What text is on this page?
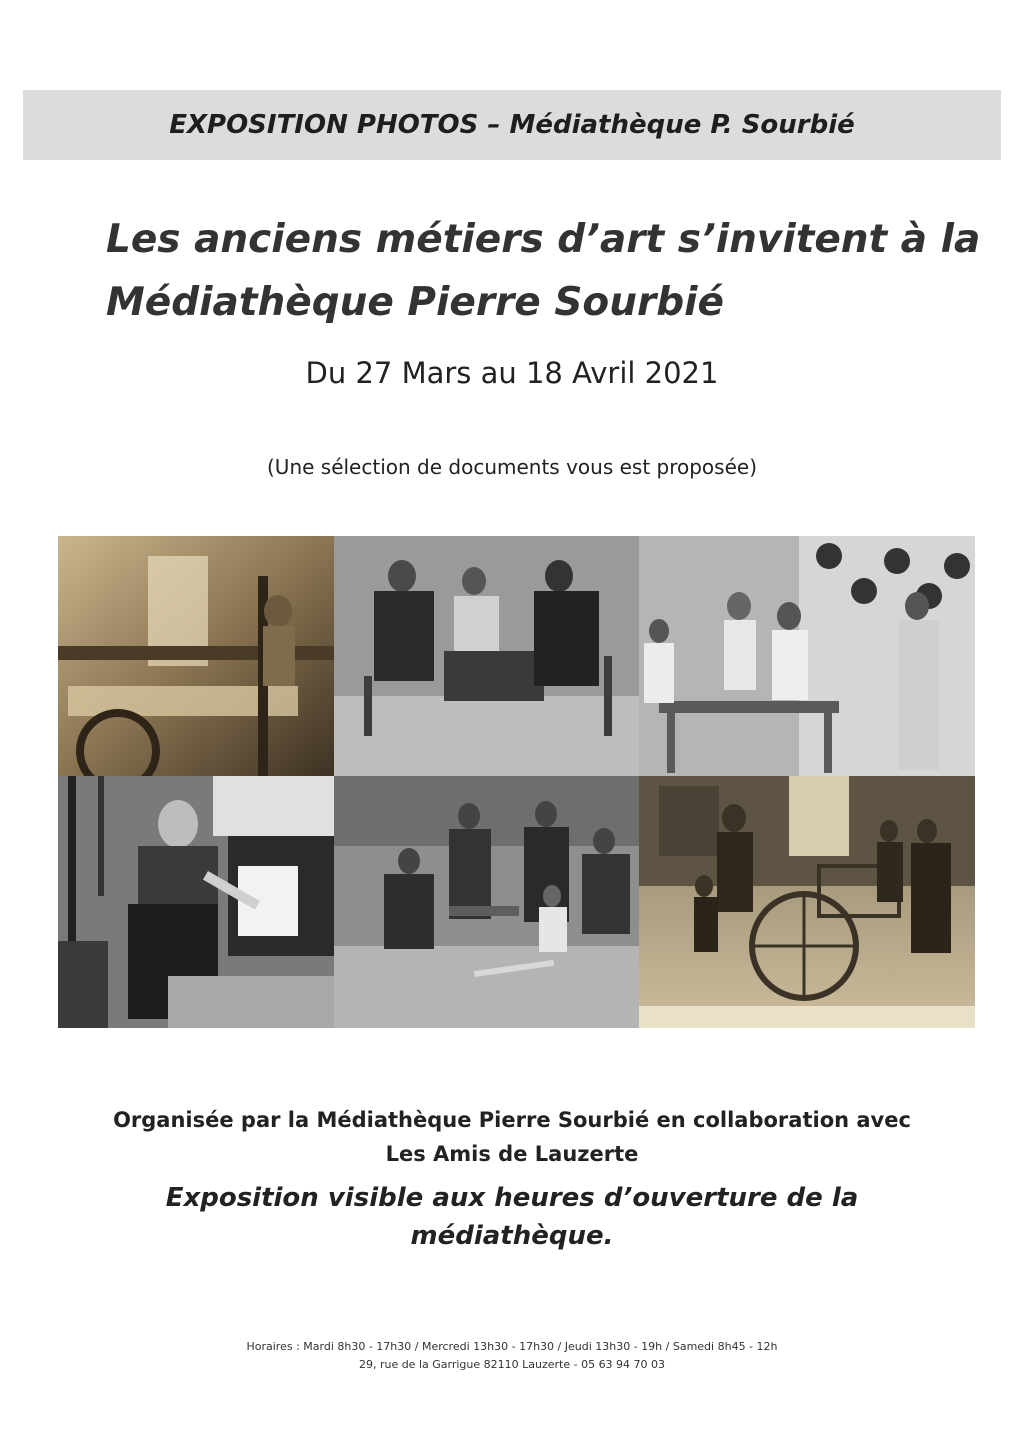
EXPOSITION PHOTOS – Médiathèque P. Sourbié
Les anciens métiers d’art s’invitent à la
Médiathèque Pierre Sourbié
Du 27 Mars au 18 Avril 2021
(Une sélection de documents vous est proposée)
Organisée par la Médiathèque Pierre Sourbié en collaboration avec
Les Amis de Lauzerte
Exposition visible aux heures d’ouverture de la
médiathèque.
Horaires : Mardi 8h30 - 17h30 / Mercredi 13h30 - 17h30 / Jeudi 13h30 - 19h / Samedi 8h45 - 12h
29, rue de la Garrigue 82110 Lauzerte - 05 63 94 70 03
